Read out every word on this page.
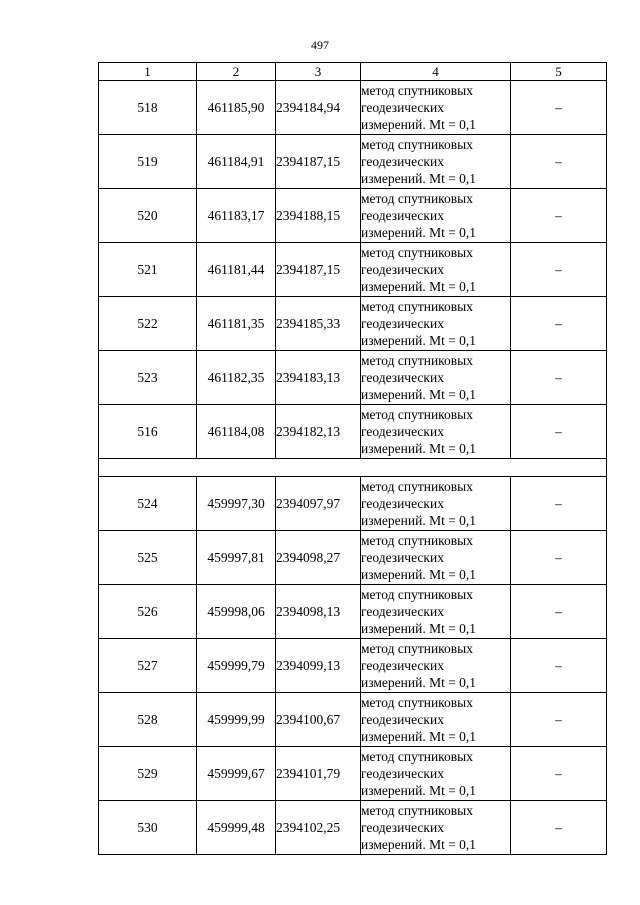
497
1	2	3	4	5
518	461185,90	2394184,94	метод спутниковых
геодезических
измерений. Mt = 0,1	–
519	461184,91	2394187,15	метод спутниковых
геодезических
измерений. Mt = 0,1	–
520	461183,17	2394188,15	метод спутниковых
геодезических
измерений. Mt = 0,1	–
521	461181,44	2394187,15	метод спутниковых
геодезических
измерений. Mt = 0,1	–
522	461181,35	2394185,33	метод спутниковых
геодезических
измерений. Mt = 0,1	–
523	461182,35	2394183,13	метод спутниковых
геодезических
измерений. Mt = 0,1	–
516	461184,08	2394182,13	метод спутниковых
геодезических
измерений. Mt = 0,1	–

524	459997,30	2394097,97	метод спутниковых
геодезических
измерений. Mt = 0,1	–
525	459997,81	2394098,27	метод спутниковых
геодезических
измерений. Mt = 0,1	–
526	459998,06	2394098,13	метод спутниковых
геодезических
измерений. Mt = 0,1	–
527	459999,79	2394099,13	метод спутниковых
геодезических
измерений. Mt = 0,1	–
528	459999,99	2394100,67	метод спутниковых
геодезических
измерений. Mt = 0,1	–
529	459999,67	2394101,79	метод спутниковых
геодезических
измерений. Mt = 0,1	–
530	459999,48	2394102,25	метод спутниковых
геодезических
измерений. Mt = 0,1	–
